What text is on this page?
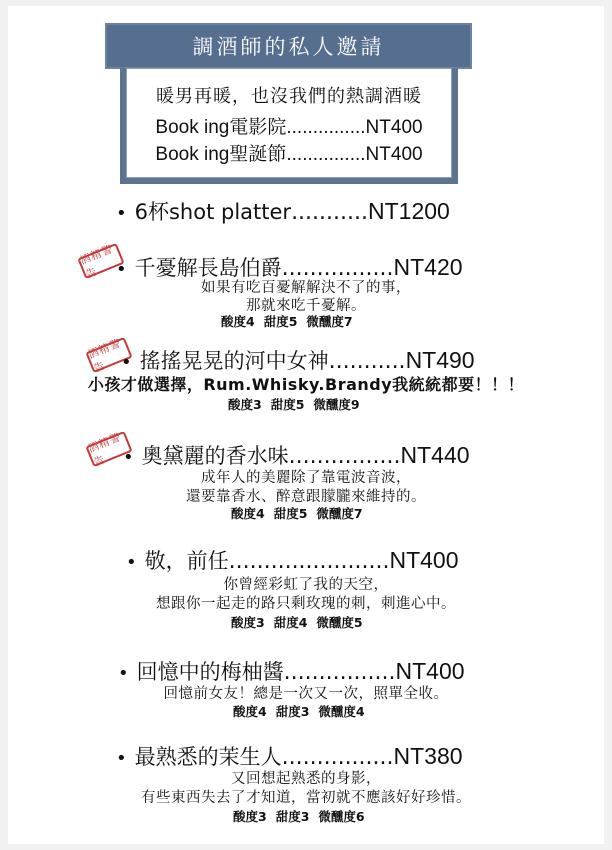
調酒師的私人邀請
暖男再暖，也沒我們的熱調酒暖
Book ing電影院...............NT400
Book ing聖誕節...............NT400
• 6杯shot platter...........NT1200
酒精警告 • 千憂解長島伯爵................NT420
如果有吃百憂解解決不了的事，
那就來吃千憂解。
酸度4 甜度5 微醺度7
酒精警告 • 搖搖晃晃的河中女神...........NT490
小孩才做選擇，Rum.Whisky.Brandy我統統都要！！！
酸度3 甜度5 微醺度9
酒精警告 • 奧黛麗的香水味................NT440
成年人的美麗除了靠電波音波，
還要靠香水、醉意跟朦朧來維持的。
酸度4 甜度5 微醺度7
• 敬，前任.......................NT400
你曾經彩虹了我的天空，
想跟你一起走的路只剩玫瑰的刺，刺進心中。
酸度3 甜度4 微醺度5
• 回憶中的梅柚醬................NT400
回憶前女友！總是一次又一次，照單全收。
酸度4 甜度3 微醺度4
• 最熟悉的茉生人................NT380
又回想起熟悉的身影，
有些東西失去了才知道，當初就不應該好好珍惜。
酸度3 甜度3 微醺度6
